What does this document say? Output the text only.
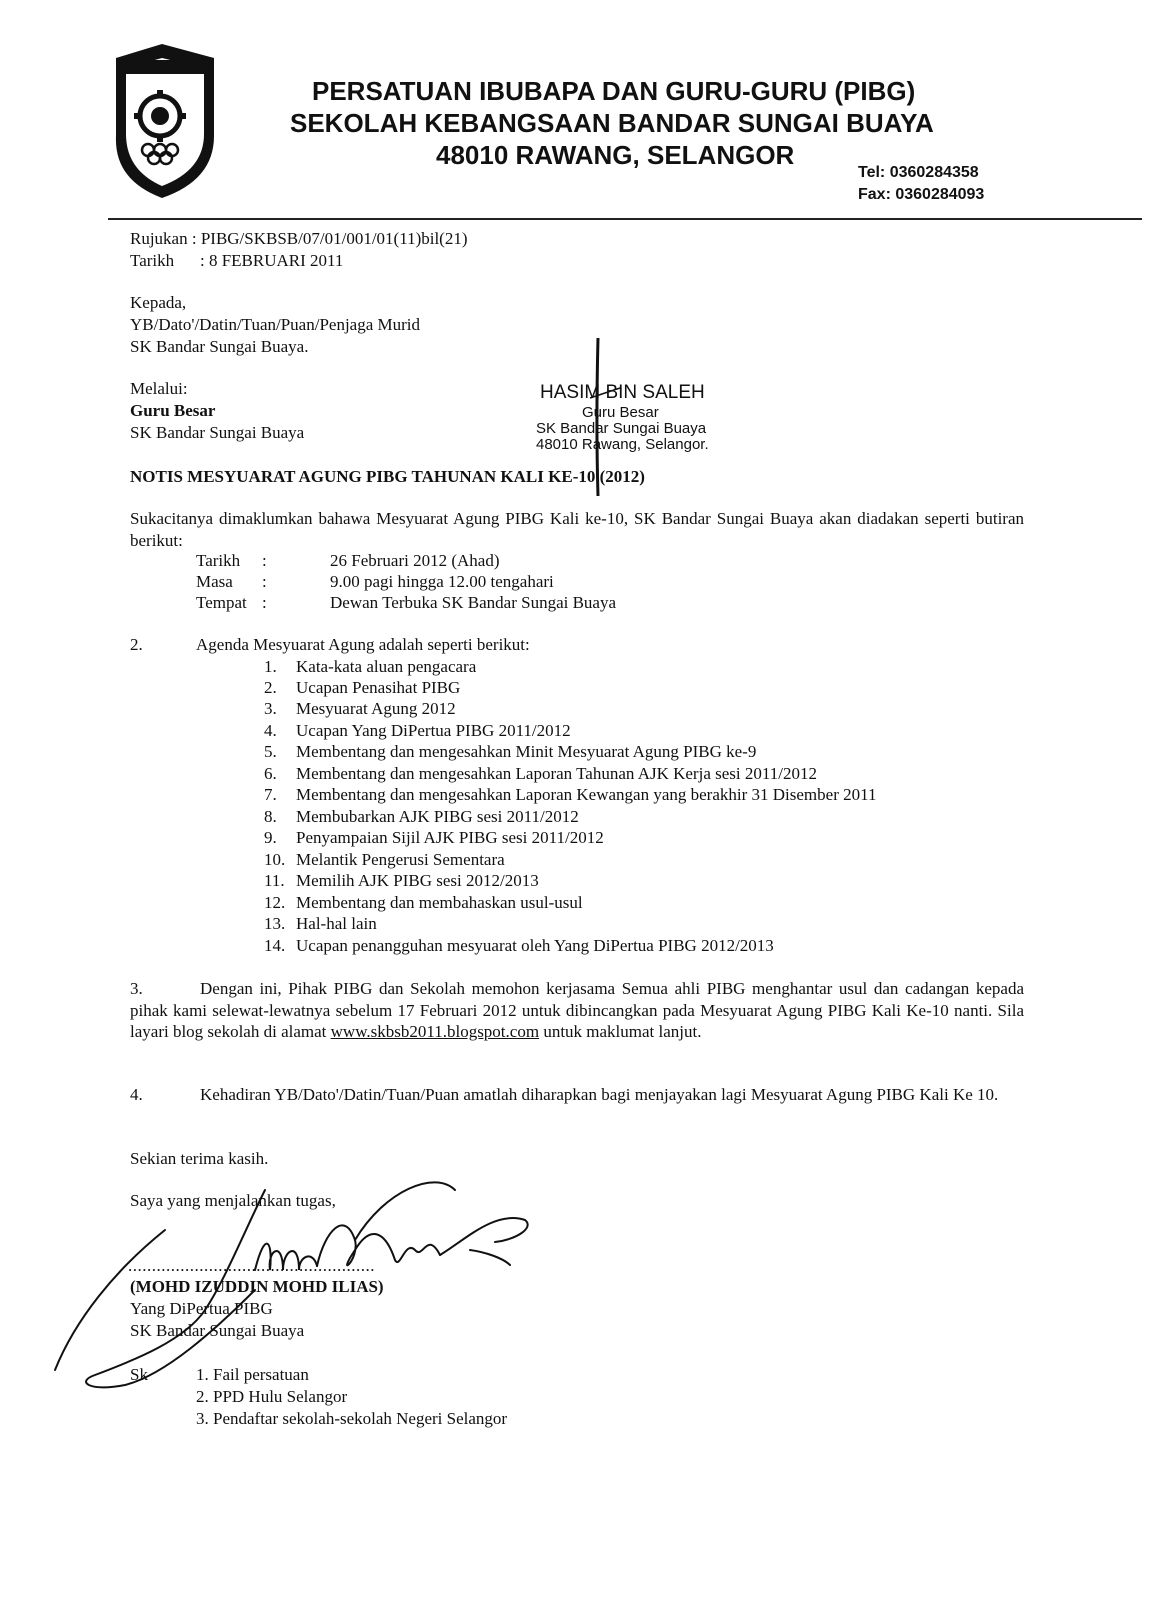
PERSATUAN IBUBAPA DAN GURU-GURU (PIBG)
SEKOLAH KEBANGSAAN BANDAR SUNGAI BUAYA
48010 RAWANG, SELANGOR
Tel: 0360284358
Fax: 0360284093
Rujukan : PIBG/SKBSB/07/01/001/01(11)bil(21)
Tarikh : 8 FEBRUARI 2011
Kepada,
YB/Dato'/Datin/Tuan/Puan/Penjaga Murid
SK Bandar Sungai Buaya.
Melalui:
Guru Besar
SK Bandar Sungai Buaya
HASIM BIN SALEH
Guru Besar
SK Bandar Sungai Buaya
48010 Rawang, Selangor.
NOTIS MESYUARAT AGUNG PIBG TAHUNAN KALI KE-10 (2012)
Sukacitanya dimaklumkan bahawa Mesyuarat Agung PIBG Kali ke-10, SK Bandar Sungai Buaya akan diadakan seperti butiran berikut:
Tarikh :	26 Februari 2012 (Ahad)
Masa :	9.00 pagi hingga 12.00 tengahari
Tempat :	Dewan Terbuka SK Bandar Sungai Buaya
2.	Agenda Mesyuarat Agung adalah seperti berikut:
1. Kata-kata aluan pengacara
2. Ucapan Penasihat PIBG
3. Mesyuarat Agung 2012
4. Ucapan Yang DiPertua PIBG 2011/2012
5. Membentang dan mengesahkan Minit Mesyuarat Agung PIBG ke-9
6. Membentang dan mengesahkan Laporan Tahunan AJK Kerja sesi 2011/2012
7. Membentang dan mengesahkan Laporan Kewangan yang berakhir 31 Disember 2011
8. Membubarkan AJK PIBG sesi 2011/2012
9. Penyampaian Sijil AJK PIBG sesi 2011/2012
10. Melantik Pengerusi Sementara
11. Memilih AJK PIBG sesi 2012/2013
12. Membentang dan membahaskan usul-usul
13. Hal-hal lain
14. Ucapan penangguhan mesyuarat oleh Yang DiPertua PIBG 2012/2013
3.	Dengan ini, Pihak PIBG dan Sekolah memohon kerjasama Semua ahli PIBG menghantar usul dan cadangan kepada pihak kami selewat-lewatnya sebelum 17 Februari 2012 untuk dibincangkan pada Mesyuarat Agung PIBG Kali Ke-10 nanti. Sila layari blog sekolah di alamat www.skbsb2011.blogspot.com untuk maklumat lanjut.
4.	Kehadiran YB/Dato'/Datin/Tuan/Puan amatlah diharapkan bagi menjayakan lagi Mesyuarat Agung PIBG Kali Ke 10.
Sekian terima kasih.
Saya yang menjalankan tugas,
....................................................
(MOHD IZUDDIN MOHD ILIAS)
Yang DiPertua PIBG
SK Bandar Sungai Buaya
Sk	1. Fail persatuan
2. PPD Hulu Selangor
3. Pendaftar sekolah-sekolah Negeri Selangor
